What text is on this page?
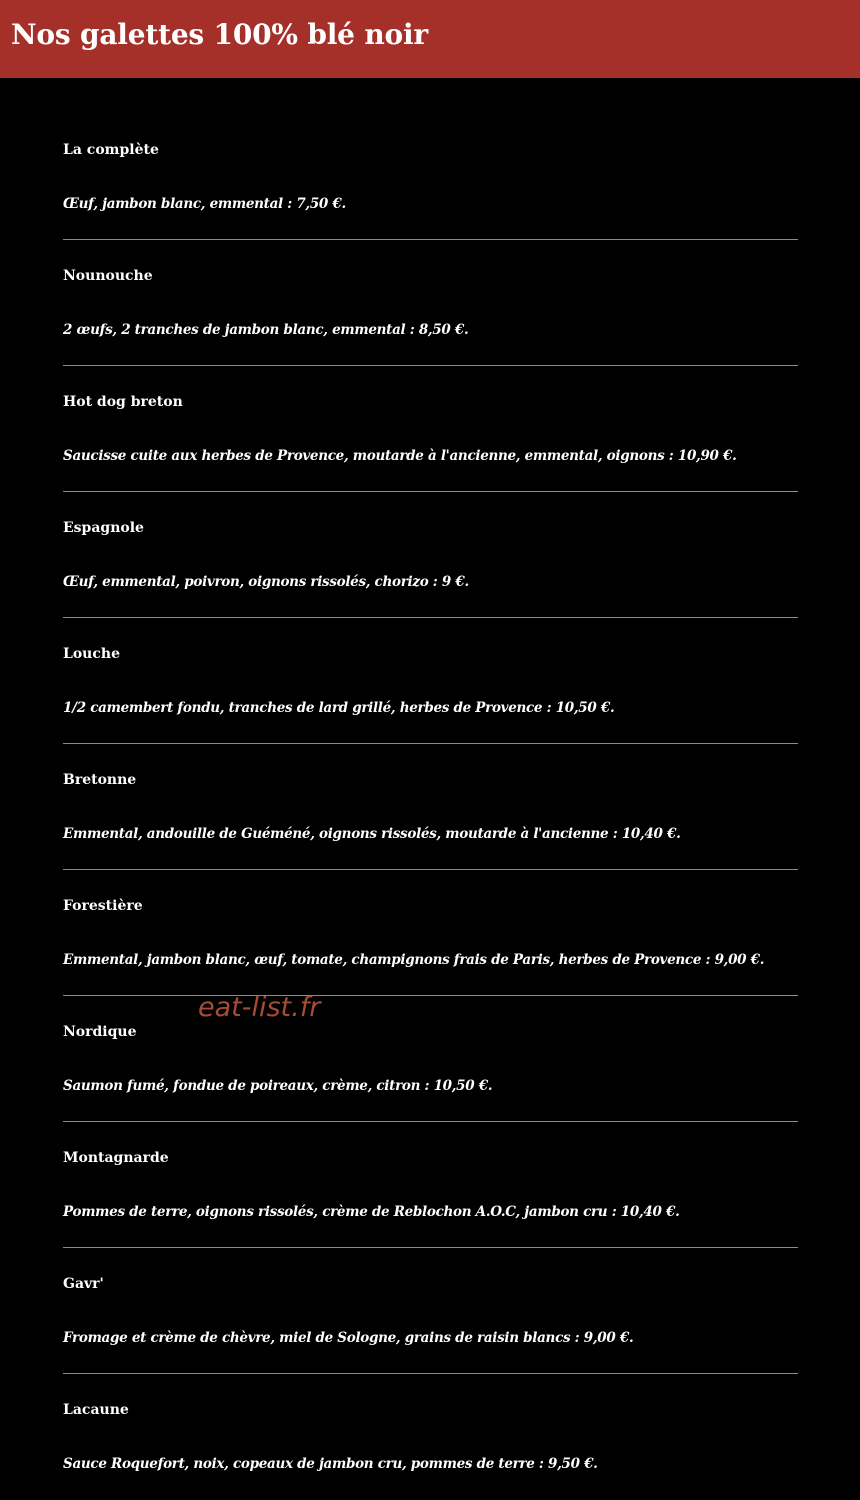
Nos galettes 100% blé noir
La complète
Œuf, jambon blanc, emmental : 7,50 €.
Nounouche
2 œufs, 2 tranches de jambon blanc, emmental : 8,50 €.
Hot dog breton
Saucisse cuite aux herbes de Provence, moutarde à l'ancienne, emmental, oignons : 10,90 €.
Espagnole
Œuf, emmental, poivron, oignons rissolés, chorizo : 9 €.
Louche
1/2 camembert fondu, tranches de lard grillé, herbes de Provence : 10,50 €.
Bretonne
Emmental, andouille de Guéméné, oignons rissolés, moutarde à l'ancienne : 10,40 €.
Forestière
Emmental, jambon blanc, œuf, tomate, champignons frais de Paris, herbes de Provence : 9,00 €.
Nordique
Saumon fumé, fondue de poireaux, crème, citron : 10,50 €.
Montagnarde
Pommes de terre, oignons rissolés, crème de Reblochon A.O.C, jambon cru : 10,40 €.
Gavr'
Fromage et crème de chèvre, miel de Sologne, grains de raisin blancs : 9,00 €.
Lacaune
Sauce Roquefort, noix, copeaux de jambon cru, pommes de terre : 9,50 €.
eat-list.fr
